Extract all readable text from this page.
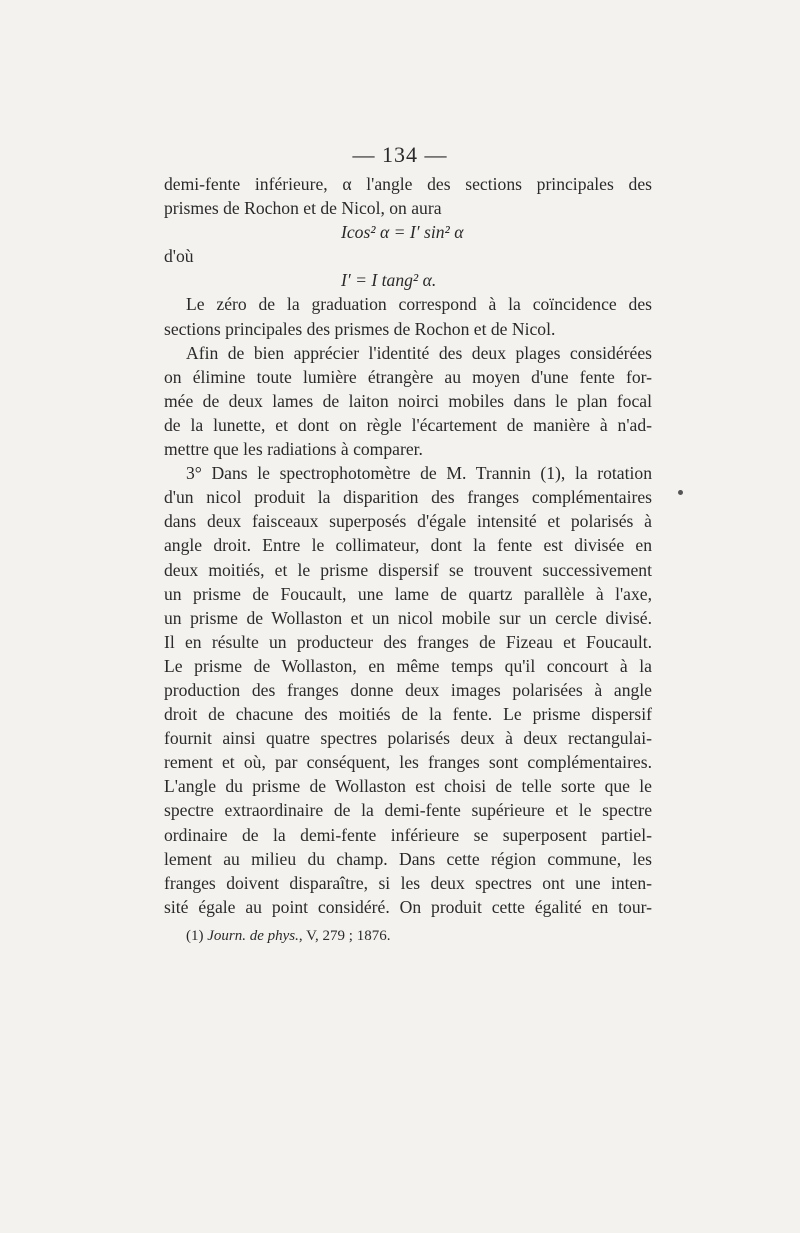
— 134 —
demi-fente inférieure, α l'angle des sections principales des
prismes de Rochon et de Nicol, on aura
Icos² α = I′ sin² α
d'où
I′ = I tang² α.
Le zéro de la graduation correspond à la coïncidence des
sections principales des prismes de Rochon et de Nicol.
Afin de bien apprécier l'identité des deux plages considérées
on élimine toute lumière étrangère au moyen d'une fente for-
mée de deux lames de laiton noirci mobiles dans le plan focal
de la lunette, et dont on règle l'écartement de manière à n'ad-
mettre que les radiations à comparer.
3° Dans le spectrophotomètre de M. Trannin (1), la rotation
d'un nicol produit la disparition des franges complémentaires
dans deux faisceaux superposés d'égale intensité et polarisés à
angle droit. Entre le collimateur, dont la fente est divisée en
deux moitiés, et le prisme dispersif se trouvent successivement
un prisme de Foucault, une lame de quartz parallèle à l'axe,
un prisme de Wollaston et un nicol mobile sur un cercle divisé.
Il en résulte un producteur des franges de Fizeau et Foucault.
Le prisme de Wollaston, en même temps qu'il concourt à la
production des franges donne deux images polarisées à angle
droit de chacune des moitiés de la fente. Le prisme dispersif
fournit ainsi quatre spectres polarisés deux à deux rectangulai-
rement et où, par conséquent, les franges sont complémentaires.
L'angle du prisme de Wollaston est choisi de telle sorte que le
spectre extraordinaire de la demi-fente supérieure et le spectre
ordinaire de la demi-fente inférieure se superposent partiel-
lement au milieu du champ. Dans cette région commune, les
franges doivent disparaître, si les deux spectres ont une inten-
sité égale au point considéré. On produit cette égalité en tour-
(1) Journ. de phys., V, 279 ; 1876.
